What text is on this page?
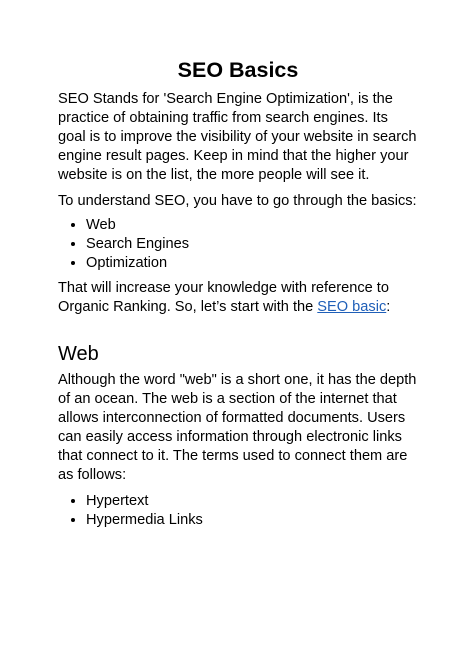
SEO Basics

SEO Stands for 'Search Engine Optimization', is the practice of obtaining traffic from search engines. Its goal is to improve the visibility of your website in search engine result pages. Keep in mind that the higher your website is on the list, the more people will see it.

To understand SEO, you have to go through the basics:

• Web
• Search Engines
• Optimization

That will increase your knowledge with reference to Organic Ranking. So, let’s start with the SEO basic:

Web

Although the word "web" is a short one, it has the depth of an ocean. The web is a section of the internet that allows interconnection of formatted documents. Users can easily access information through electronic links that connect to it. The terms used to connect them are as follows:

• Hypertext
• Hypermedia Links
